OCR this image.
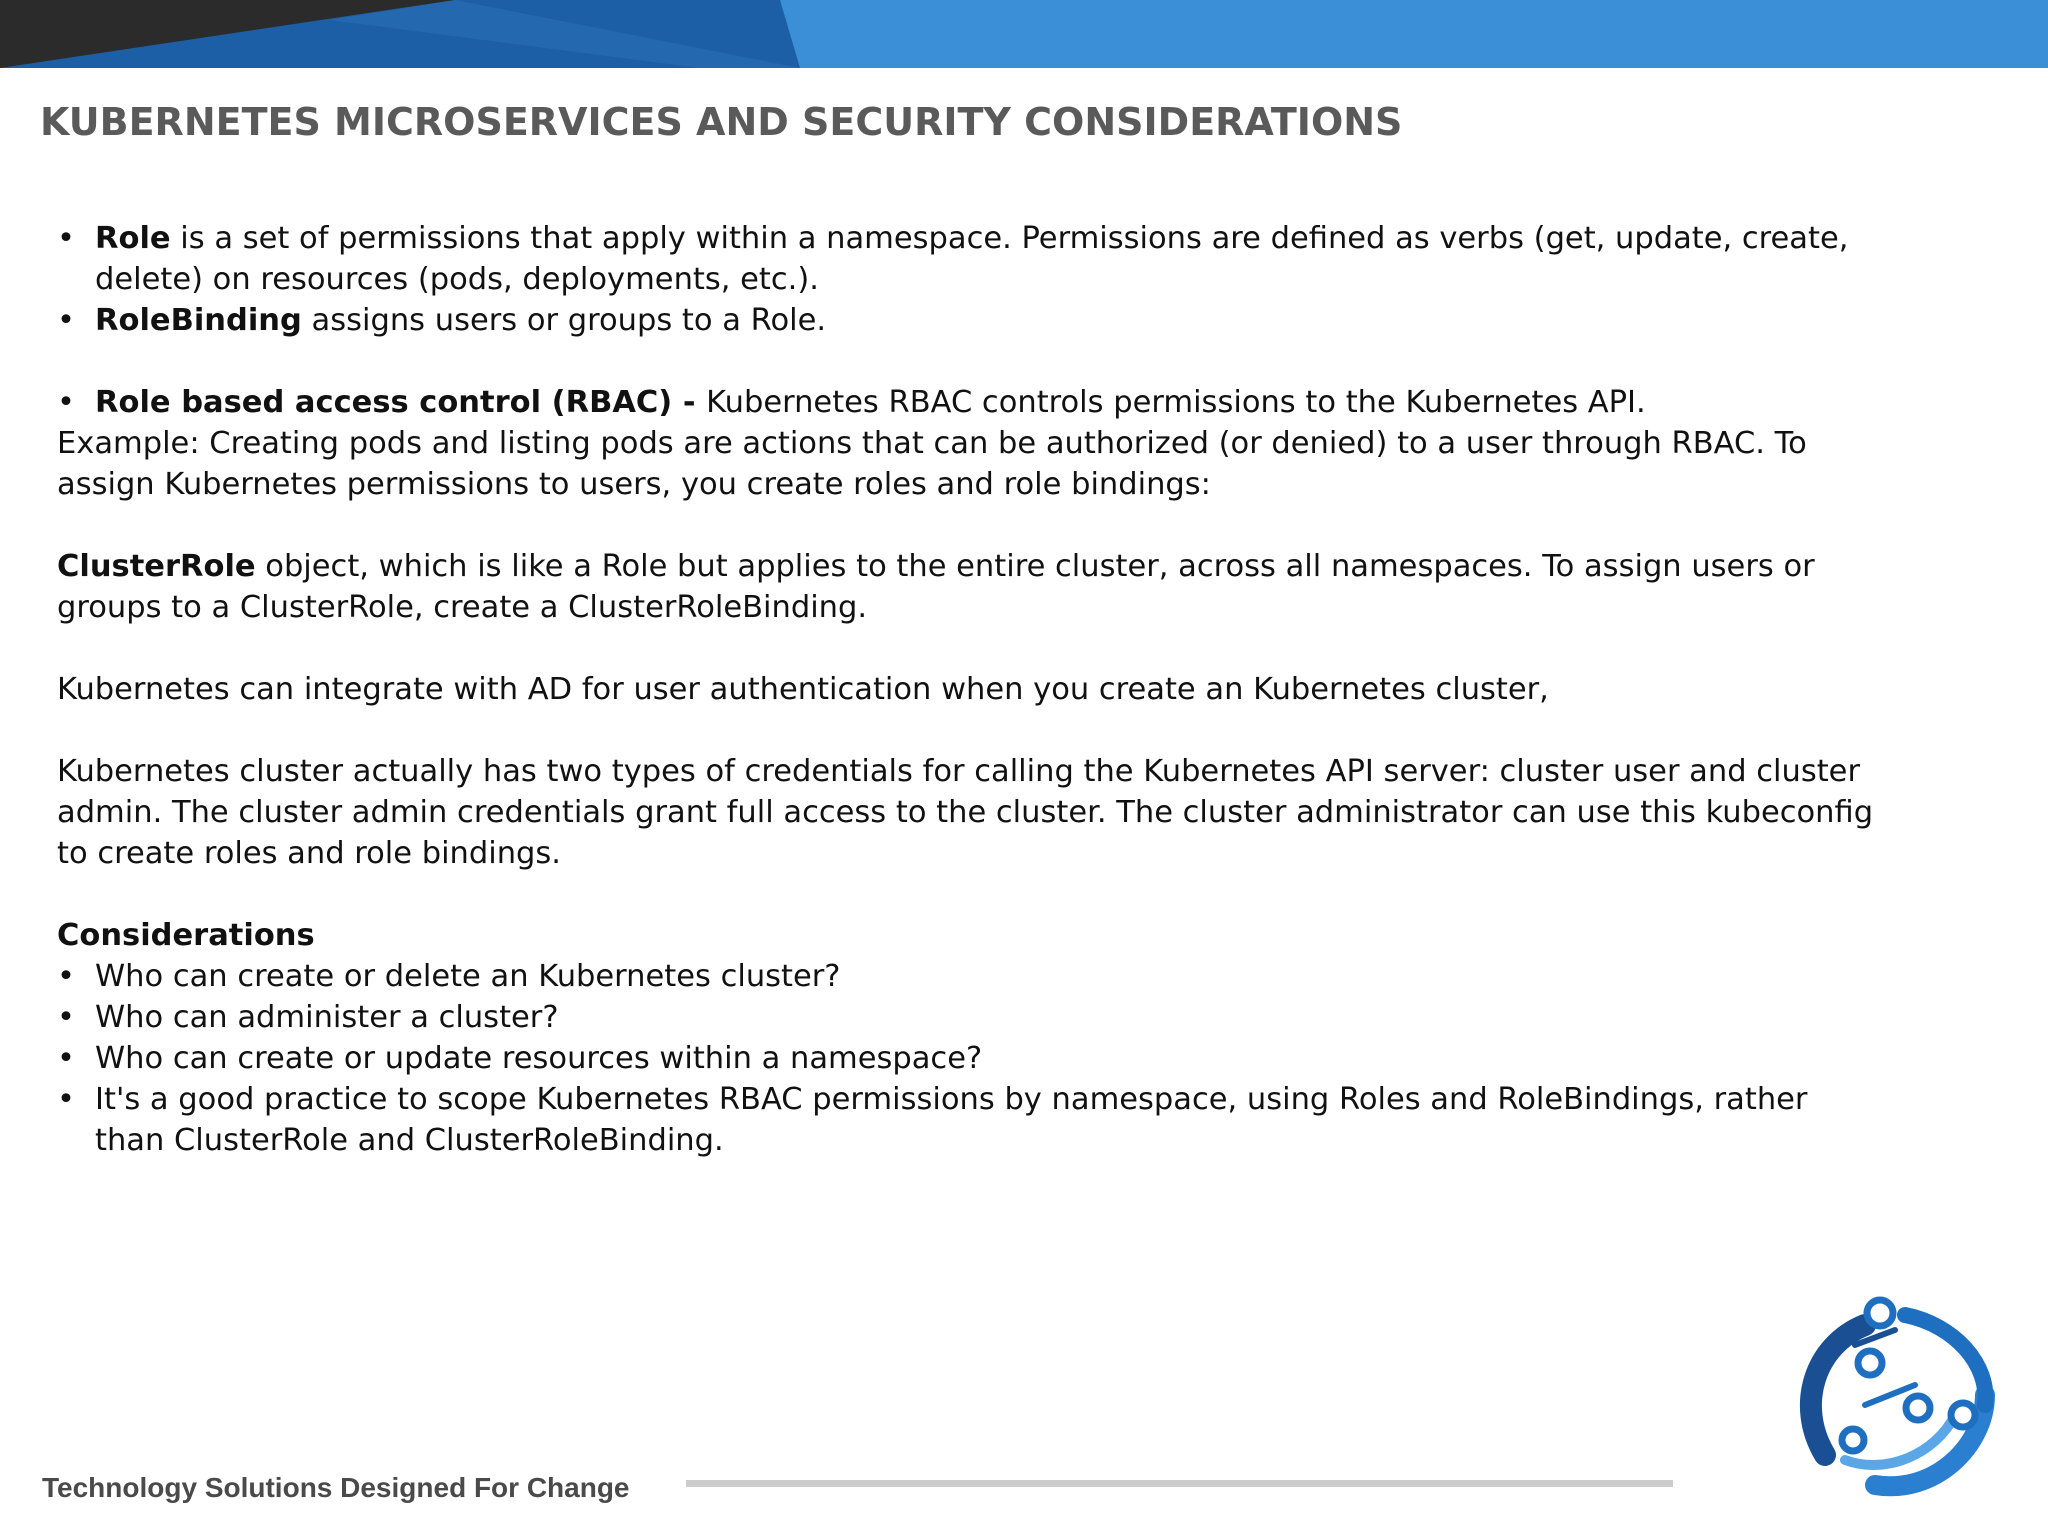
KUBERNETES MICROSERVICES AND SECURITY CONSIDERATIONS
• Role is a set of permissions that apply within a namespace. Permissions are defined as verbs (get, update, create,
delete) on resources (pods, deployments, etc.).
• RoleBinding assigns users or groups to a Role.
• Role based access control (RBAC) - Kubernetes RBAC controls permissions to the Kubernetes API.
Example: Creating pods and listing pods are actions that can be authorized (or denied) to a user through RBAC. To
assign Kubernetes permissions to users, you create roles and role bindings:
ClusterRole object, which is like a Role but applies to the entire cluster, across all namespaces. To assign users or
groups to a ClusterRole, create a ClusterRoleBinding.
Kubernetes can integrate with AD for user authentication when you create an Kubernetes cluster,
Kubernetes cluster actually has two types of credentials for calling the Kubernetes API server: cluster user and cluster
admin. The cluster admin credentials grant full access to the cluster. The cluster administrator can use this kubeconfig
to create roles and role bindings.
Considerations
• Who can create or delete an Kubernetes cluster?
• Who can administer a cluster?
• Who can create or update resources within a namespace?
• It's a good practice to scope Kubernetes RBAC permissions by namespace, using Roles and RoleBindings, rather
than ClusterRole and ClusterRoleBinding.
Technology Solutions Designed For Change
